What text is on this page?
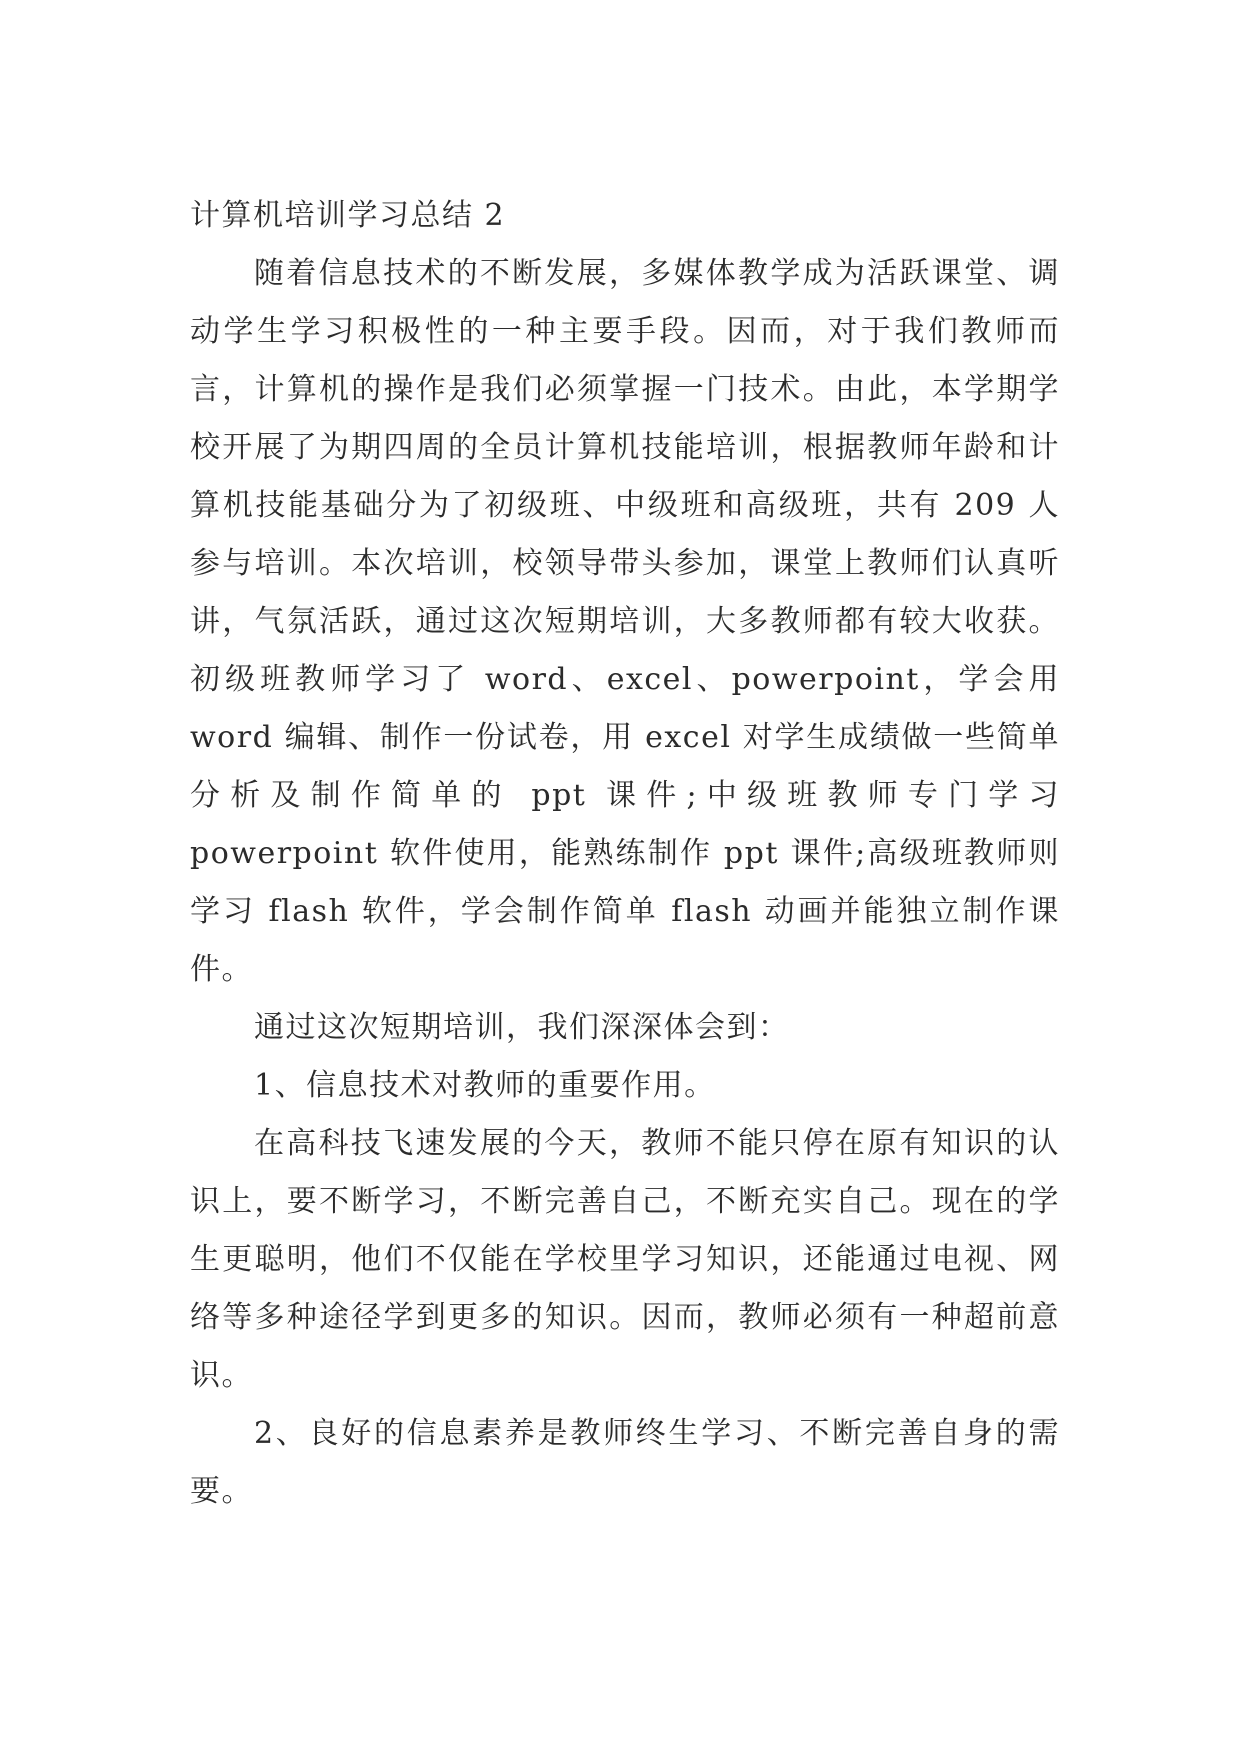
计算机培训学习总结 2

随着信息技术的不断发展，多媒体教学成为活跃课堂、调动学生学习积极性的一种主要手段。因而，对于我们教师而言，计算机的操作是我们必须掌握一门技术。由此，本学期学校开展了为期四周的全员计算机技能培训，根据教师年龄和计算机技能基础分为了初级班、中级班和高级班，共有 209 人参与培训。本次培训，校领导带头参加，课堂上教师们认真听讲，气氛活跃，通过这次短期培训，大多教师都有较大收获。初级班教师学习了 word、excel、powerpoint，学会用 word 编辑、制作一份试卷，用 excel 对学生成绩做一些简单分析及制作简单的 ppt 课件;中级班教师专门学习 powerpoint 软件使用，能熟练制作 ppt 课件;高级班教师则学习 flash 软件，学会制作简单 flash 动画并能独立制作课件。

通过这次短期培训，我们深深体会到：

1、信息技术对教师的重要作用。

在高科技飞速发展的今天，教师不能只停在原有知识的认识上，要不断学习，不断完善自己，不断充实自己。现在的学生更聪明，他们不仅能在学校里学习知识，还能通过电视、网络等多种途径学到更多的知识。因而，教师必须有一种超前意识。

2、良好的信息素养是教师终生学习、不断完善自身的需要。
